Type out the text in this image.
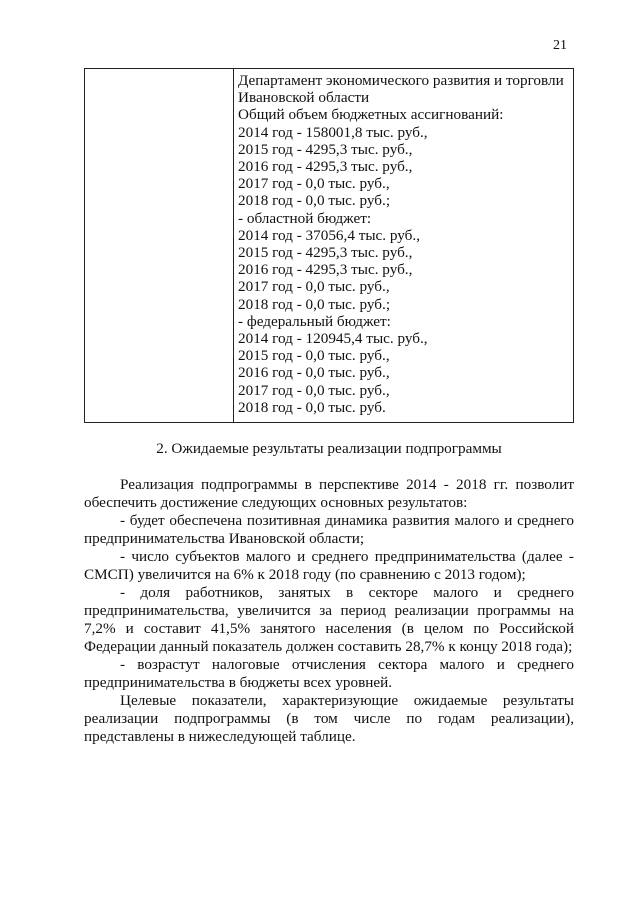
21
Департамент экономического развития и торговли
Ивановской области
Общий объем бюджетных ассигнований:
2014 год - 158001,8 тыс. руб.,
2015 год - 4295,3 тыс. руб.,
2016 год - 4295,3 тыс. руб.,
2017 год - 0,0 тыс. руб.,
2018 год - 0,0 тыс. руб.;
- областной бюджет:
2014 год - 37056,4 тыс. руб.,
2015 год - 4295,3 тыс. руб.,
2016 год - 4295,3 тыс. руб.,
2017 год - 0,0 тыс. руб.,
2018 год - 0,0 тыс. руб.;
- федеральный бюджет:
2014 год - 120945,4 тыс. руб.,
2015 год - 0,0 тыс. руб.,
2016 год - 0,0 тыс. руб.,
2017 год - 0,0 тыс. руб.,
2018 год - 0,0 тыс. руб.
2. Ожидаемые результаты реализации подпрограммы

Реализация подпрограммы в перспективе 2014 - 2018 гг. позволит обеспечить достижение следующих основных результатов:

- будет обеспечена позитивная динамика развития малого и среднего предпринимательства Ивановской области;

- число субъектов малого и среднего предпринимательства (далее - СМСП) увеличится на 6% к 2018 году (по сравнению с 2013 годом);

- доля работников, занятых в секторе малого и среднего предпринимательства, увеличится за период реализации программы на 7,2% и составит 41,5% занятого населения (в целом по Российской Федерации данный показатель должен составить 28,7% к концу 2018 года);

- возрастут налоговые отчисления сектора малого и среднего предпринимательства в бюджеты всех уровней.

Целевые показатели, характеризующие ожидаемые результаты реализации подпрограммы (в том числе по годам реализации), представлены в нижеследующей таблице.
